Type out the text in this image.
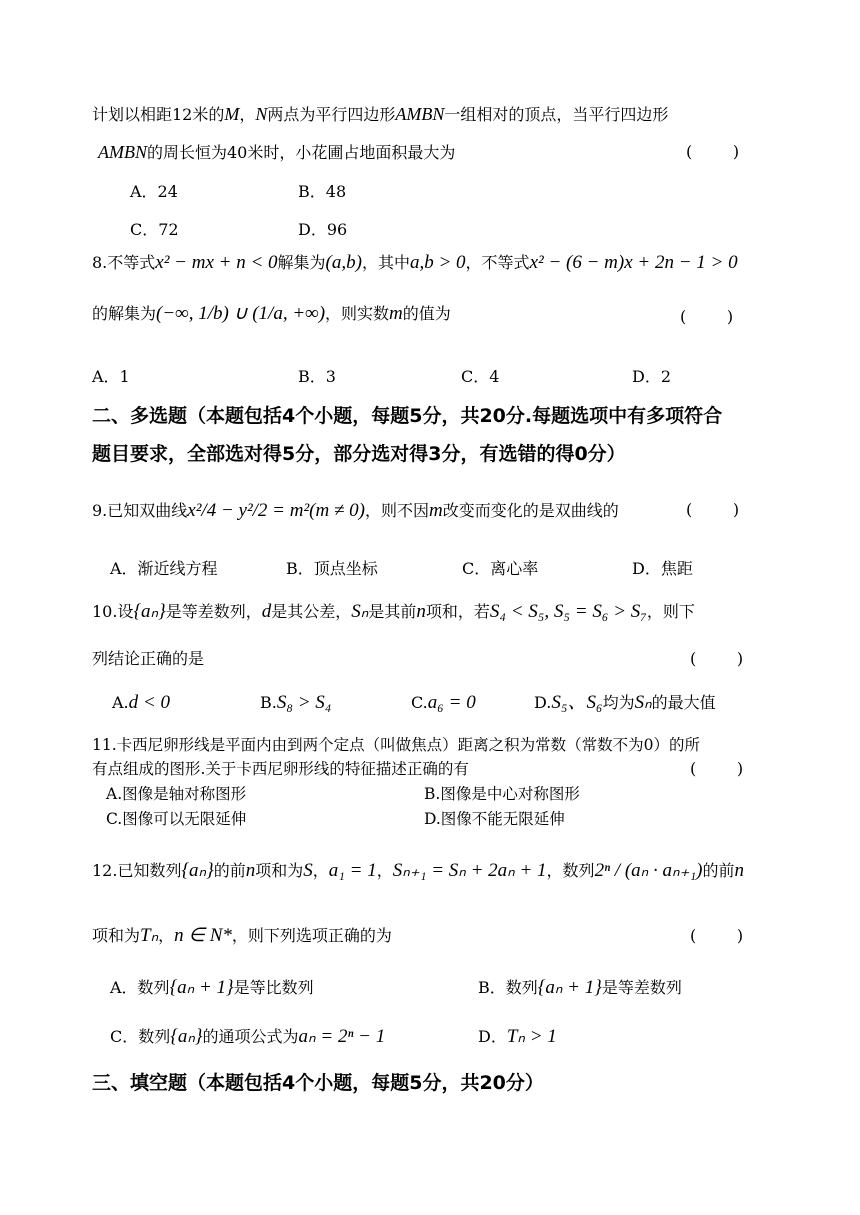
计划以相距12米的M，N两点为平行四边形AMBN一组相对的顶点，当平行四边形
AMBN的周长恒为40米时，小花圃占地面积最大为	(        )
A．24	B．48
C．72	D．96
8.不等式x² − mx + n < 0解集为(a,b)，其中a,b > 0，不等式x² − (6 − m)x + 2n − 1 > 0
的解集为(−∞, 1/b) ∪ (1/a, +∞)，则实数m的值为	(        )
A．1	B．3	C．4	D．2
二、多选题（本题包括4个小题，每题5分，共20分.每题选项中有多项符合
题目要求，全部选对得5分，部分选对得3分，有选错的得0分）
9.已知双曲线x²/4 − y²/2 = m²(m ≠ 0)，则不因m改变而变化的是双曲线的	(        )
A．渐近线方程	B．顶点坐标	C．离心率	D．焦距
10.设{aₙ}是等差数列，d是其公差，Sₙ是其前n项和，若S₄ < S₅, S₅ = S₆ > S₇，则下
列结论正确的是	(        )
A.d < 0	B.S₈ > S₄	C.a₆ = 0	D.S₅、S₆均为Sₙ的最大值
11.卡西尼卵形线是平面内由到两个定点（叫做焦点）距离之积为常数（常数不为0）的所
有点组成的图形.关于卡西尼卵形线的特征描述正确的有	(        )
A.图像是轴对称图形	B.图像是中心对称图形
C.图像可以无限延伸	D.图像不能无限延伸
12.已知数列{aₙ}的前n项和为S，a₁ = 1，Sₙ₊₁ = Sₙ + 2aₙ + 1，数列2ⁿ / (aₙ · aₙ₊₁)的前n
项和为Tₙ，n ∈ N*，则下列选项正确的为	(        )
A．数列{aₙ + 1}是等比数列	B．数列{aₙ + 1}是等差数列
C．数列{aₙ}的通项公式为aₙ = 2ⁿ − 1	D．Tₙ > 1
三、填空题（本题包括4个小题，每题5分，共20分）
